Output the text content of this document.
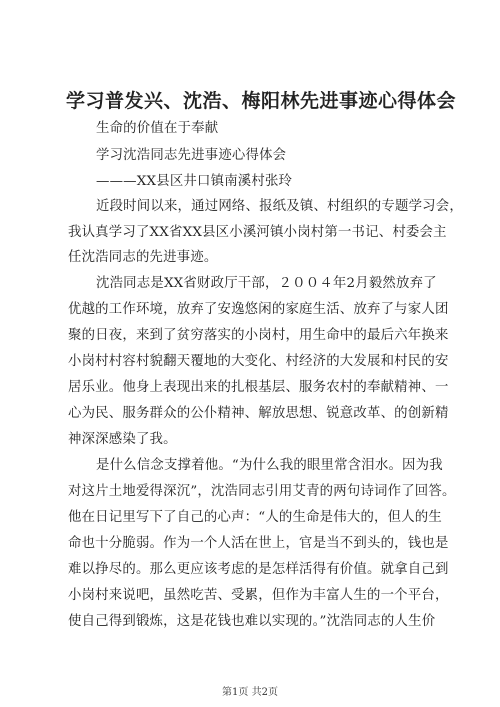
学习普发兴、沈浩、梅阳林先进事迹心得体会
生命的价值在于奉献
学习沈浩同志先进事迹心得体会
———XX县区井口镇南溪村张玲
近段时间以来，通过网络、报纸及镇、村组织的专题学习会，
我认真学习了XX省XX县区小溪河镇小岗村第一书记、村委会主
任沈浩同志的先进事迹。
沈浩同志是XX省财政厅干部，２００４年2月毅然放弃了
优越的工作环境，放弃了安逸悠闲的家庭生活、放弃了与家人团
聚的日夜，来到了贫穷落实的小岗村，用生命中的最后六年换来
小岗村村容村貌翻天覆地的大变化、村经济的大发展和村民的安
居乐业。他身上表现出来的扎根基层、服务农村的奉献精神、一
心为民、服务群众的公仆精神、解放思想、锐意改革、的创新精
神深深感染了我。
是什么信念支撑着他。“为什么我的眼里常含泪水。因为我
对这片土地爱得深沉”，沈浩同志引用艾青的两句诗词作了回答。
他在日记里写下了自己的心声：“人的生命是伟大的，但人的生
命也十分脆弱。作为一个人活在世上，官是当不到头的，钱也是
难以挣尽的。那么更应该考虑的是怎样活得有价值。就拿自己到
小岗村来说吧，虽然吃苦、受累，但作为丰富人生的一个平台，
使自己得到锻炼，这是花钱也难以实现的。”沈浩同志的人生价
第1页 共2页
